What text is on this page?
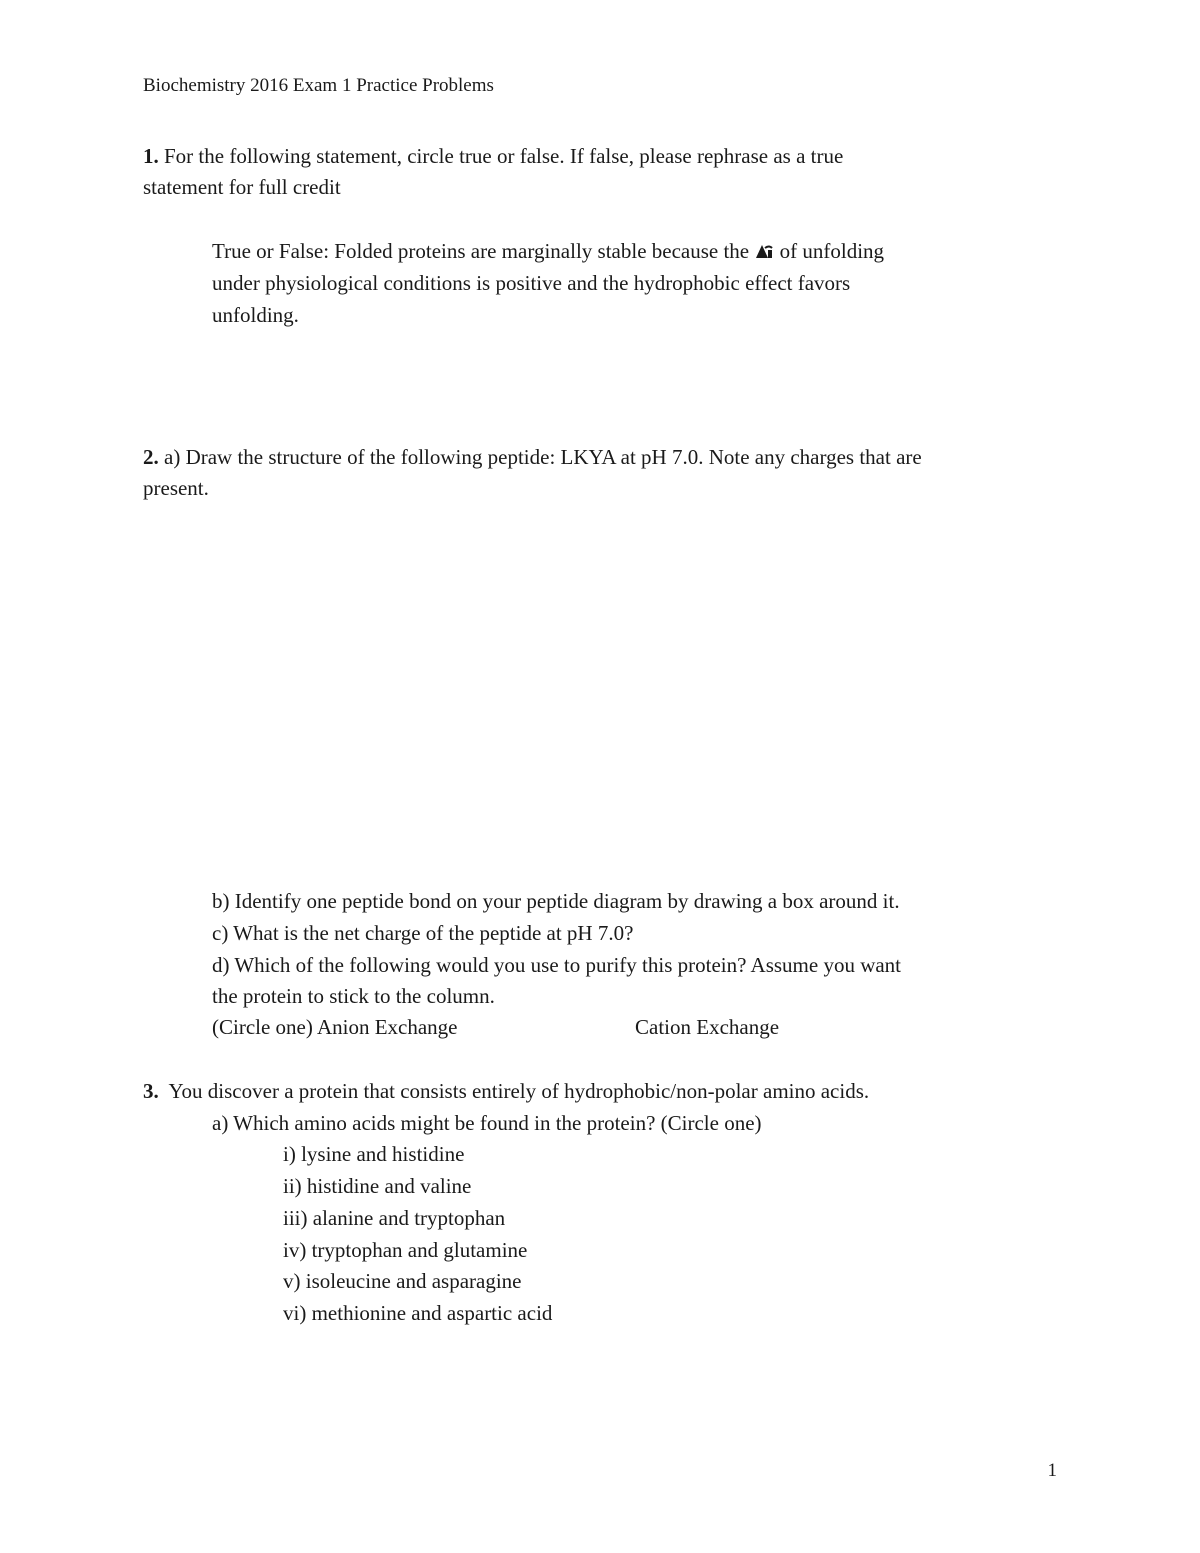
Biochemistry 2016 Exam 1 Practice Problems
1. For the following statement, circle true or false. If false, please rephrase as a true
statement for full credit
True or False: Folded proteins are marginally stable because the of unfolding
under physiological conditions is positive and the hydrophobic effect favors
unfolding.
2. a) Draw the structure of the following peptide: LKYA at pH 7.0. Note any charges that are
present.
b) Identify one peptide bond on your peptide diagram by drawing a box around it.
c) What is the net charge of the peptide at pH 7.0?
d) Which of the following would you use to purify this protein? Assume you want
the protein to stick to the column.
(Circle one) Anion Exchange	Cation Exchange
3. You discover a protein that consists entirely of hydrophobic/non-polar amino acids.
a) Which amino acids might be found in the protein? (Circle one)
i) lysine and histidine
ii) histidine and valine
iii) alanine and tryptophan
iv) tryptophan and glutamine
v) isoleucine and asparagine
vi) methionine and aspartic acid
1
